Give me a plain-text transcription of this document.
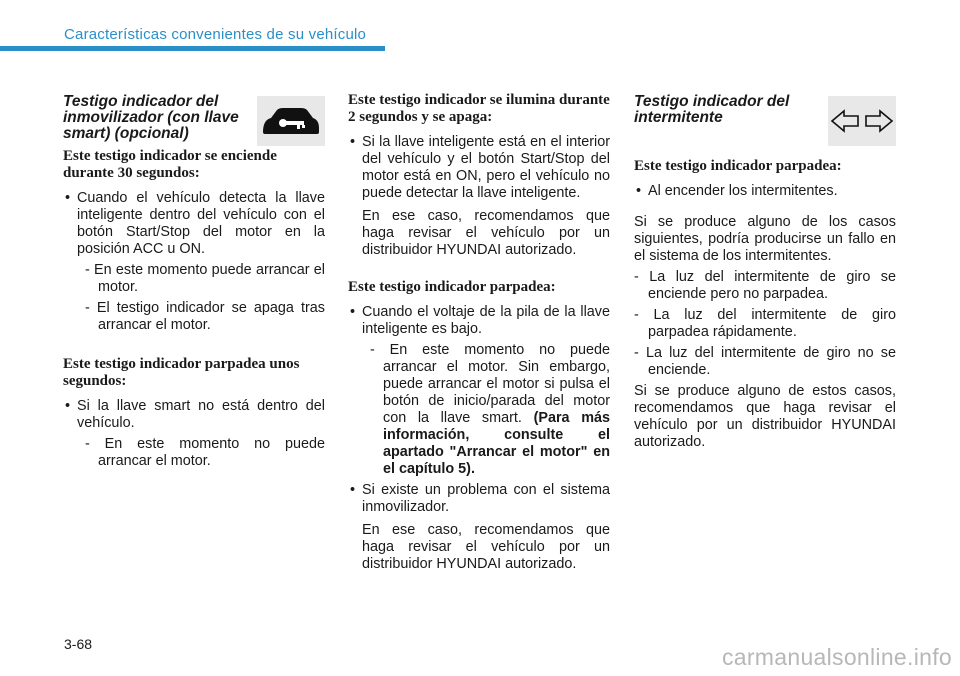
Características convenientes de su vehículo
Testigo indicador del inmovilizador (con llave smart) (opcional)
Este testigo indicador se enciende durante 30 segundos:

• Cuando el vehículo detecta la llave inteligente dentro del vehículo con el botón Start/Stop del motor en la posición ACC u ON.

- En este momento puede arrancar el motor.

- El testigo indicador se apaga tras arrancar el motor.

Este testigo indicador parpadea unos segundos:

• Si la llave smart no está dentro del vehículo.

- En este momento no puede arrancar el motor.

Este testigo indicador se ilumina durante 2 segundos y se apaga:

• Si la llave inteligente está en el interior del vehículo y el botón Start/Stop del motor está en ON, pero el vehículo no puede detectar la llave inteligente.

En ese caso, recomendamos que haga revisar el vehículo por un distribuidor HYUNDAI autorizado.

Este testigo indicador parpadea:

• Cuando el voltaje de la pila de la llave inteligente es bajo.

- En este momento no puede arrancar el motor. Sin embargo, puede arrancar el motor si pulsa el botón de inicio/parada del motor con la llave smart. (Para más información, consulte el apartado "Arrancar el motor" en el capítulo 5).

• Si existe un problema con el sistema inmovilizador.

En ese caso, recomendamos que haga revisar el vehículo por un distribuidor HYUNDAI autorizado.

Testigo indicador del intermitente
Este testigo indicador parpadea:

• Al encender los intermitentes.

Si se produce alguno de los casos siguientes, podría producirse un fallo en el sistema de los intermitentes.

- La luz del intermitente de giro se enciende pero no parpadea.

- La luz del intermitente de giro parpadea rápidamente.

- La luz del intermitente de giro no se enciende.

Si se produce alguno de estos casos, recomendamos que haga revisar el vehículo por un distribuidor HYUNDAI autorizado.

3-68	carmanualsonline.info
